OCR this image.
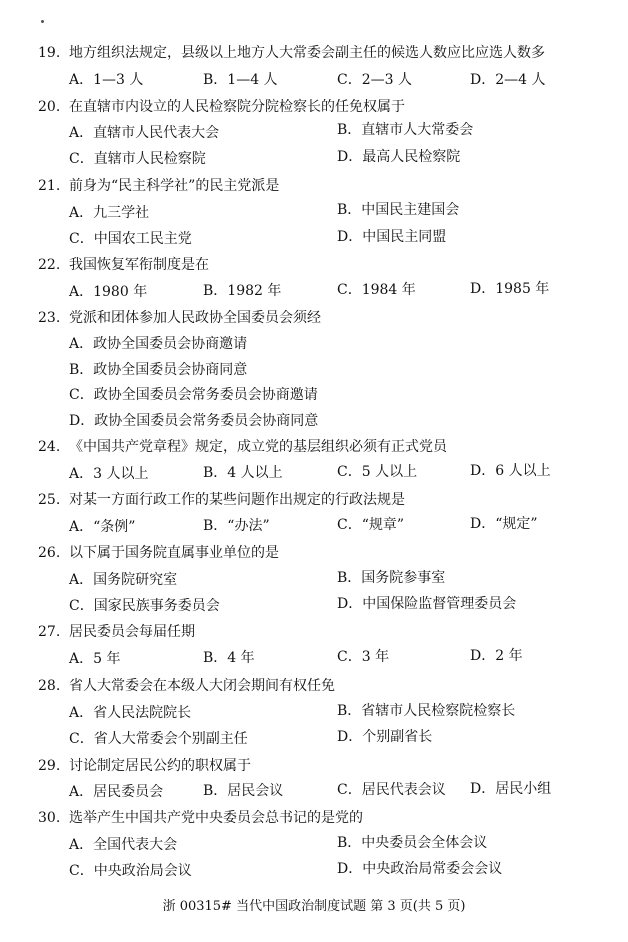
19. 地方组织法规定，县级以上地方人大常委会副主任的候选人数应比应选人数多
A．1—3 人	B．1—4 人	C．2—3 人	D．2—4 人
20. 在直辖市内设立的人民检察院分院检察长的任免权属于
A．直辖市人民代表大会	B．直辖市人大常委会
C．直辖市人民检察院	D．最高人民检察院
21. 前身为“民主科学社”的民主党派是
A．九三学社	B．中国民主建国会
C．中国农工民主党	D．中国民主同盟
22. 我国恢复军衔制度是在
A．1980 年	B．1982 年	C．1984 年	D．1985 年
23. 党派和团体参加人民政协全国委员会须经
A．政协全国委员会协商邀请
B．政协全国委员会协商同意
C．政协全国委员会常务委员会协商邀请
D．政协全国委员会常务委员会协商同意
24. 《中国共产党章程》规定，成立党的基层组织必须有正式党员
A．3 人以上	B．4 人以上	C．5 人以上	D．6 人以上
25. 对某一方面行政工作的某些问题作出规定的行政法规是
A．“条例”	B．“办法”	C．“规章”	D．“规定”
26. 以下属于国务院直属事业单位的是
A．国务院研究室	B．国务院参事室
C．国家民族事务委员会	D．中国保险监督管理委员会
27. 居民委员会每届任期
A．5 年	B．4 年	C．3 年	D．2 年
28. 省人大常委会在本级人大闭会期间有权任免
A．省人民法院院长	B．省辖市人民检察院检察长
C．省人大常委会个别副主任	D．个别副省长
29. 讨论制定居民公约的职权属于
A．居民委员会	B．居民会议	C．居民代表会议 D．居民小组
30. 选举产生中国共产党中央委员会总书记的是党的
A．全国代表大会	B．中央委员会全体会议
C．中央政治局会议	D．中央政治局常委会会议
浙 00315# 当代中国政治制度试题 第 3 页(共 5 页)
